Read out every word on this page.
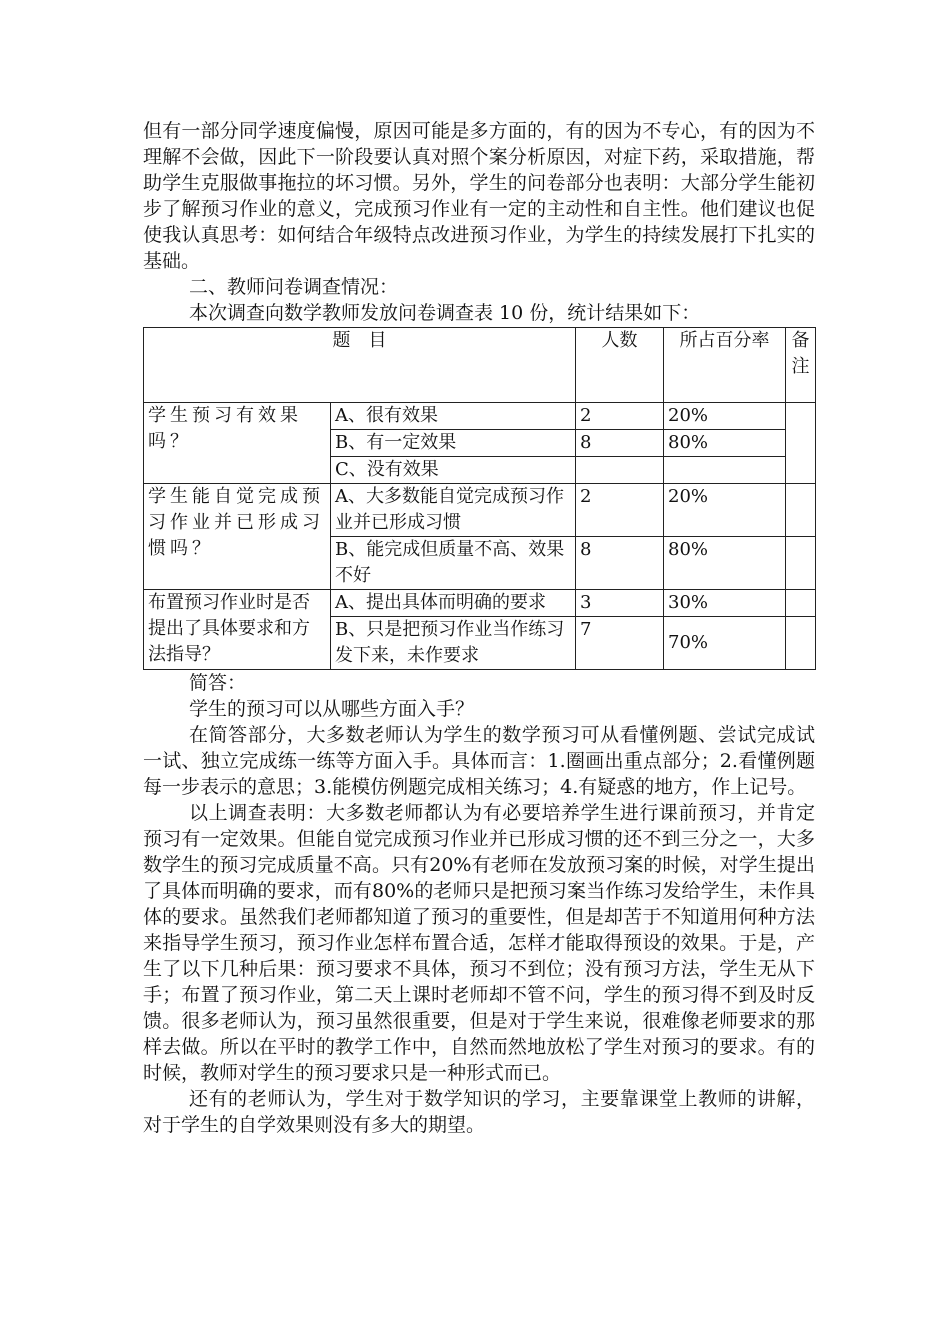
但有一部分同学速度偏慢，原因可能是多方面的，有的因为不专心，有的因为不理解不会做，因此下一阶段要认真对照个案分析原因，对症下药，采取措施，帮助学生克服做事拖拉的坏习惯。另外，学生的问卷部分也表明：大部分学生能初步了解预习作业的意义，完成预习作业有一定的主动性和自主性。他们建议也促使我认真思考：如何结合年级特点改进预习作业，为学生的持续发展打下扎实的基础。

二、教师问卷调查情况：

本次调查向数学教师发放问卷调查表 10 份，统计结果如下：

题　目		人数	所占百分率	备注
学生预习有效果吗？	A、很有效果	2	20%	
	B、有一定效果	8	80%	
	C、没有效果			
学生能自觉完成预习作业并已形成习惯吗？	A、大多数能自觉完成预习作业并已形成习惯	2	20%	
	B、能完成但质量不高、效果不好	8	80%	
布置预习作业时是否提出了具体要求和方法指导？	A、提出具体而明确的要求	3	30%	
	B、只是把预习作业当作练习发下来，未作要求	7	70%	

简答：

学生的预习可以从哪些方面入手？

在简答部分，大多数老师认为学生的数学预习可从看懂例题、尝试完成试一试、独立完成练一练等方面入手。具体而言：1.圈画出重点部分；2.看懂例题每一步表示的意思；3.能模仿例题完成相关练习；4.有疑惑的地方，作上记号。

以上调查表明：大多数老师都认为有必要培养学生进行课前预习，并肯定预习有一定效果。但能自觉完成预习作业并已形成习惯的还不到三分之一，大多数学生的预习完成质量不高。只有20%有老师在发放预习案的时候，对学生提出了具体而明确的要求，而有80%的老师只是把预习案当作练习发给学生，未作具体的要求。虽然我们老师都知道了预习的重要性，但是却苦于不知道用何种方法来指导学生预习，预习作业怎样布置合适，怎样才能取得预设的效果。于是，产生了以下几种后果：预习要求不具体，预习不到位；没有预习方法，学生无从下手；布置了预习作业，第二天上课时老师却不管不问，学生的预习得不到及时反馈。很多老师认为，预习虽然很重要，但是对于学生来说，很难像老师要求的那样去做。所以在平时的教学工作中，自然而然地放松了学生对预习的要求。有的时候，教师对学生的预习要求只是一种形式而已。

还有的老师认为，学生对于数学知识的学习，主要靠课堂上教师的讲解，对于学生的自学效果则没有多大的期望。
